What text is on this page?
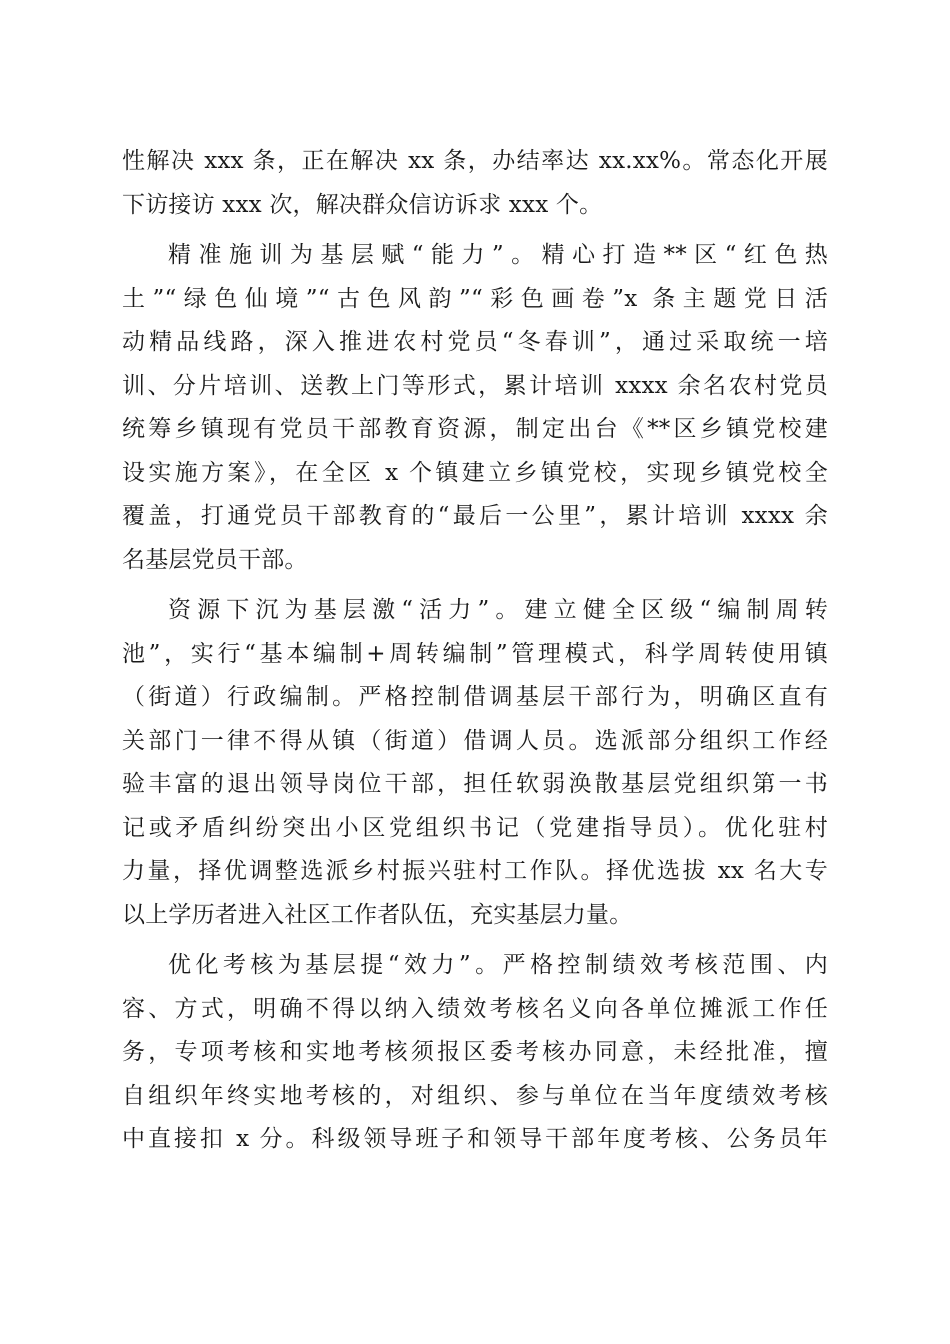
性解决 xxx 条，正在解决 xx 条，办结率达 xx.xx%。常态化开展
下访接访 xxx 次，解决群众信访诉求 xxx 个。
精准施训为基层赋“能力”。精心打造**区“红色热
土”“绿色仙境”“古色风韵”“彩色画卷”x 条主题党日活
动精品线路，深入推进农村党员“冬春训”，通过采取统一培
训、分片培训、送教上门等形式，累计培训 xxxx 余名农村党员
统筹乡镇现有党员干部教育资源，制定出台《**区乡镇党校建
设实施方案》，在全区 x 个镇建立乡镇党校，实现乡镇党校全
覆盖，打通党员干部教育的“最后一公里”，累计培训 xxxx 余
名基层党员干部。
资源下沉为基层激“活力”。建立健全区级“编制周转
池”，实行“基本编制+周转编制”管理模式，科学周转使用镇
（街道）行政编制。严格控制借调基层干部行为，明确区直有
关部门一律不得从镇（街道）借调人员。选派部分组织工作经
验丰富的退出领导岗位干部，担任软弱涣散基层党组织第一书
记或矛盾纠纷突出小区党组织书记（党建指导员）。优化驻村
力量，择优调整选派乡村振兴驻村工作队。择优选拔 xx 名大专
以上学历者进入社区工作者队伍，充实基层力量。
优化考核为基层提“效力”。严格控制绩效考核范围、内
容、方式，明确不得以纳入绩效考核名义向各单位摊派工作任
务，专项考核和实地考核须报区委考核办同意，未经批准，擅
自组织年终实地考核的，对组织、参与单位在当年度绩效考核
中直接扣 x 分。科级领导班子和领导干部年度考核、公务员年
